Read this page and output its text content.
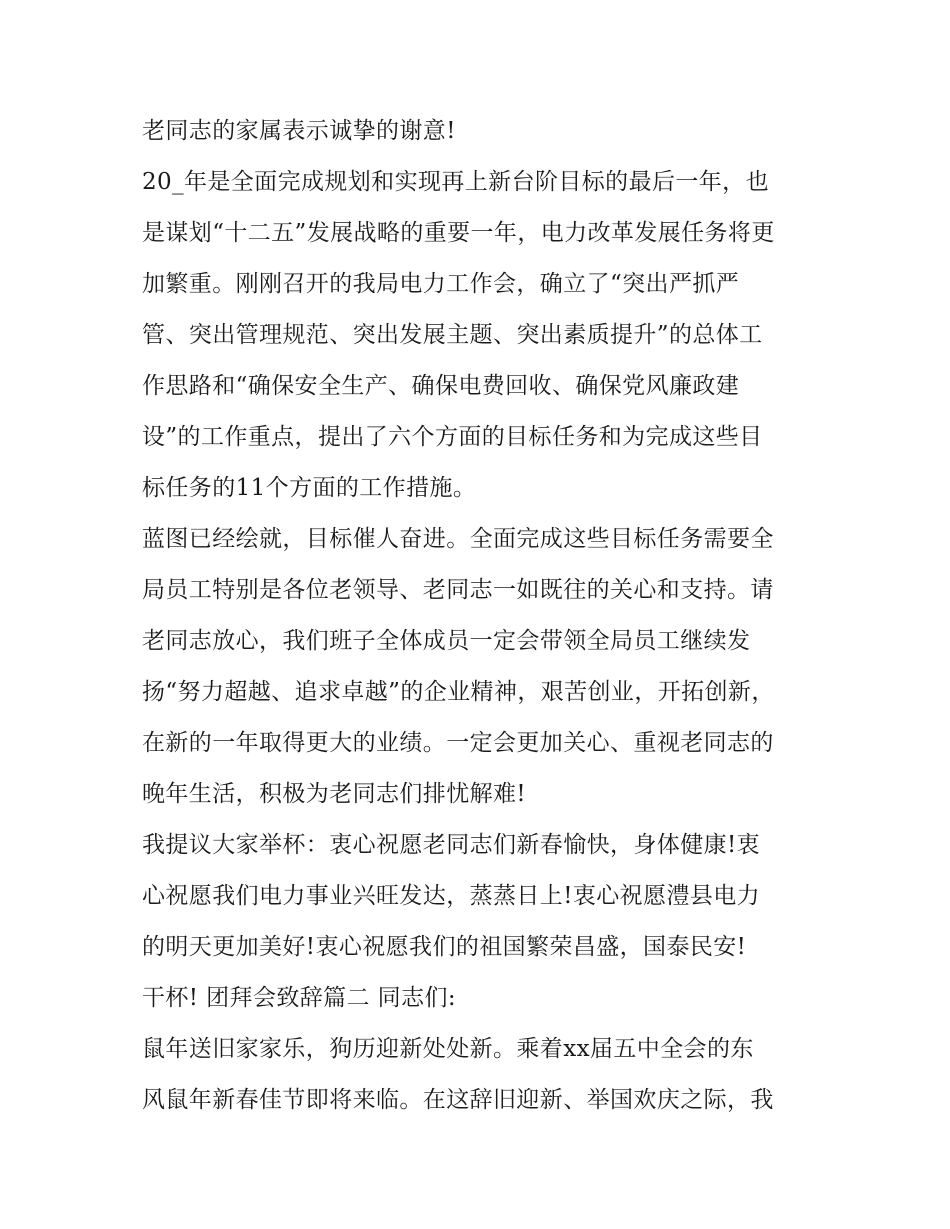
老同志的家属表示诚挚的谢意!
20_年是全面完成规划和实现再上新台阶目标的最后一年，也
是谋划“十二五”发展战略的重要一年，电力改革发展任务将更
加繁重。刚刚召开的我局电力工作会，确立了“突出严抓严
管、突出管理规范、突出发展主题、突出素质提升”的总体工
作思路和“确保安全生产、确保电费回收、确保党风廉政建
设”的工作重点，提出了六个方面的目标任务和为完成这些目
标任务的11个方面的工作措施。
蓝图已经绘就，目标催人奋进。全面完成这些目标任务需要全
局员工特别是各位老领导、老同志一如既往的关心和支持。请
老同志放心，我们班子全体成员一定会带领全局员工继续发
扬“努力超越、追求卓越”的企业精神，艰苦创业，开拓创新，
在新的一年取得更大的业绩。一定会更加关心、重视老同志的
晚年生活，积极为老同志们排忧解难!
我提议大家举杯：衷心祝愿老同志们新春愉快，身体健康!衷
心祝愿我们电力事业兴旺发达，蒸蒸日上!衷心祝愿澧县电力
的明天更加美好!衷心祝愿我们的祖国繁荣昌盛，国泰民安!
干杯! 团拜会致辞篇二 同志们:
鼠年送旧家家乐，狗历迎新处处新。乘着xx届五中全会的东
风鼠年新春佳节即将来临。在这辞旧迎新、举国欢庆之际，我
